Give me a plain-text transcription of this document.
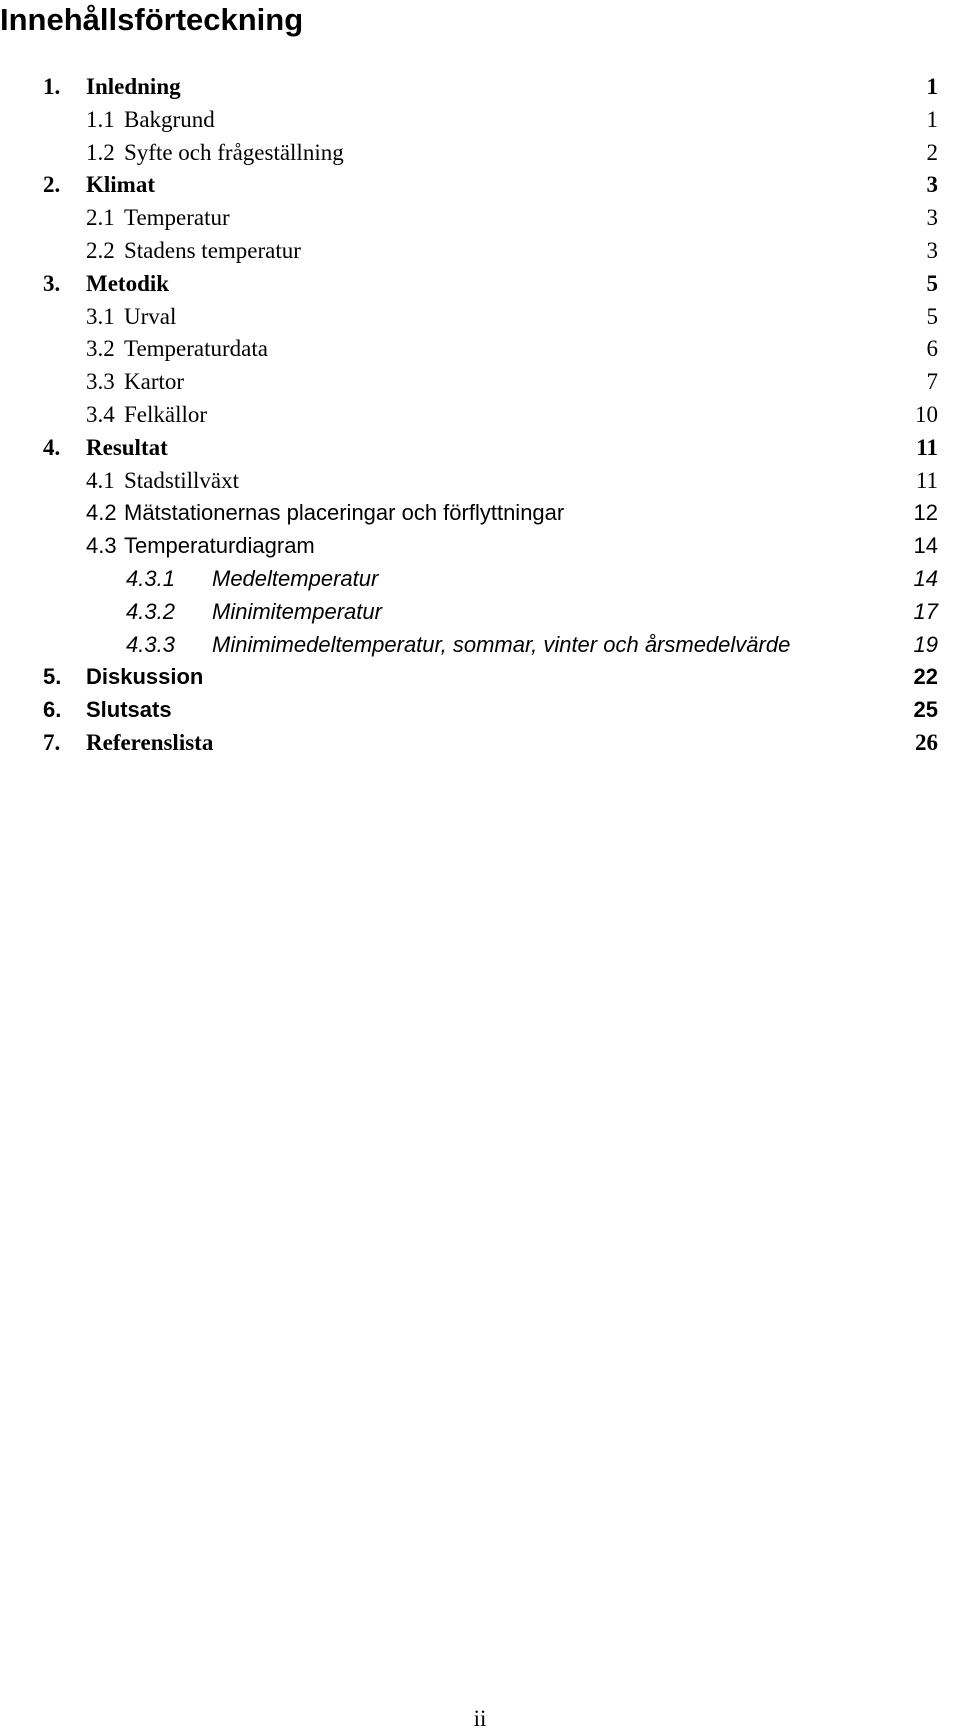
Innehållsförteckning
1. Inledning	1
1.1 Bakgrund	1
1.2 Syfte och frågeställning	2
2. Klimat	3
2.1 Temperatur	3
2.2 Stadens temperatur	3
3. Metodik	5
3.1 Urval	5
3.2 Temperaturdata	6
3.3 Kartor	7
3.4 Felkällor	10
4. Resultat	11
4.1 Stadstillväxt	11
4.2 Mätstationernas placeringar och förflyttningar	12
4.3 Temperaturdiagram	14
4.3.1 Medeltemperatur	14
4.3.2 Minimitemperatur	17
4.3.3 Minimimedeltemperatur, sommar, vinter och årsmedelvärde	19
5. Diskussion	22
6. Slutsats	25
7. Referenslista	26
ii
